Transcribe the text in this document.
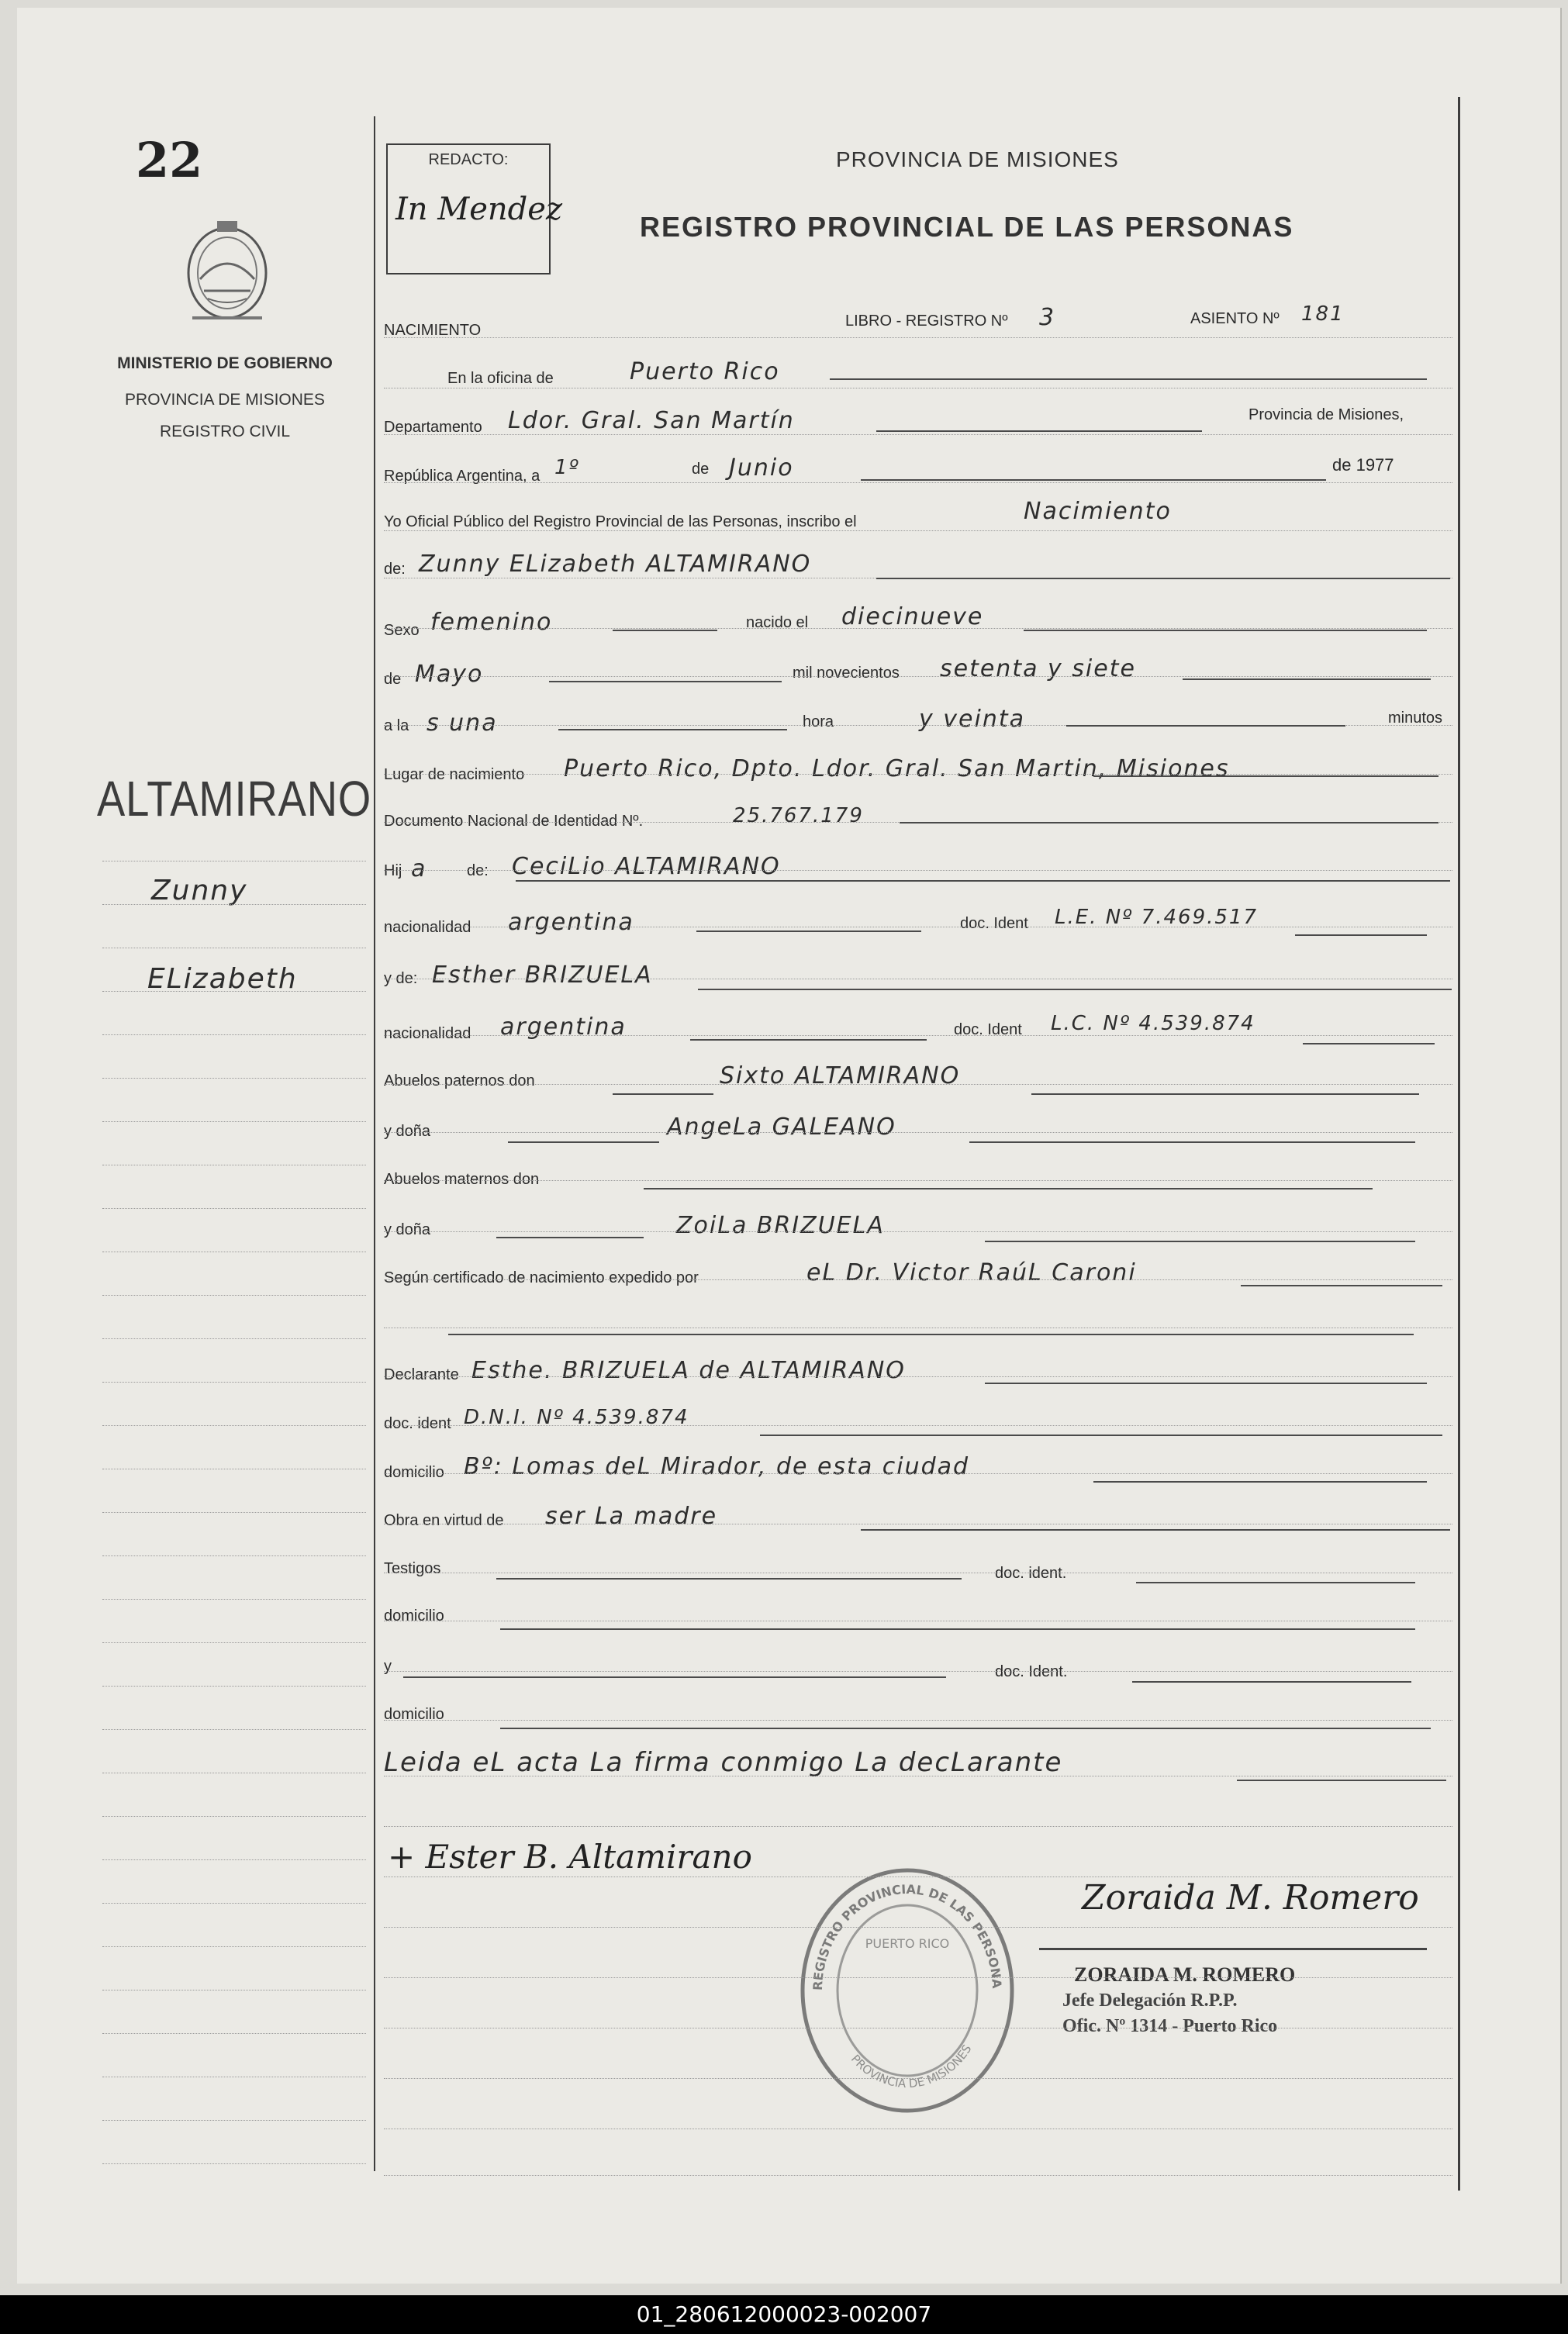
22
MINISTERIO DE GOBIERNO
PROVINCIA DE MISIONES
REGISTRO CIVIL
ALTAMIRANO
Zunny
ELizabeth
REDACTO:
In Mendez
PROVINCIA DE MISIONES
REGISTRO PROVINCIAL DE LAS PERSONAS
NACIMIENTO
LIBRO - REGISTRO Nº 3	ASIENTO Nº 181
En la oficina de	Puerto Rico
Departamento Ldor. Gral. San Martín	Provincia de Misiones,
República Argentina, a 1º	de Junio	de 1977
Yo Oficial Público del Registro Provincial de las Personas, inscribo el	Nacimiento
de: Zunny ELizabeth ALTAMIRANO
Sexo femenino	nacido el diecinueve
de Mayo	mil novecientos setenta y siete
a la s una	hora	y veinta	minutos
Lugar de nacimiento Puerto Rico, Dpto. Ldor. Gral. San Martin, Misiones
Documento Nacional de Identidad Nº.	25.767.179
Hij a	de: CeciLio ALTAMIRANO
nacionalidad argentina	doc. Ident L.E. Nº 7.469.517
y de: Esther BRIZUELA
nacionalidad argentina	doc. Ident L.C. Nº 4.539.874
Abuelos paternos don	Sixto ALTAMIRANO
y doña	AngeLa GALEANO
Abuelos maternos don
y doña	ZoiLa BRIZUELA
Según certificado de nacimiento expedido por	eL Dr. Victor RaúL Caroni
Declarante Esthe. BRIZUELA de ALTAMIRANO
doc. ident D.N.I. Nº 4.539.874
domicilio Bº: Lomas deL Mirador, de esta ciudad
Obra en virtud de ser La madre
Testigos	doc. ident.
domicilio
y	doc. Ident.
domicilio
Leida eL acta La firma conmigo La decLarante
+ Ester B. Altamirano
REGISTRO PROVINCIAL DE LAS PERSONA
PUERTO RICO
PROVINCIA DE MISIONES
Zoraida M. Romero
ZORAIDA M. ROMERO
Jefe Delegación R.P.P.
Ofic. Nº 1314 - Puerto Rico
01_280612000023-002007
